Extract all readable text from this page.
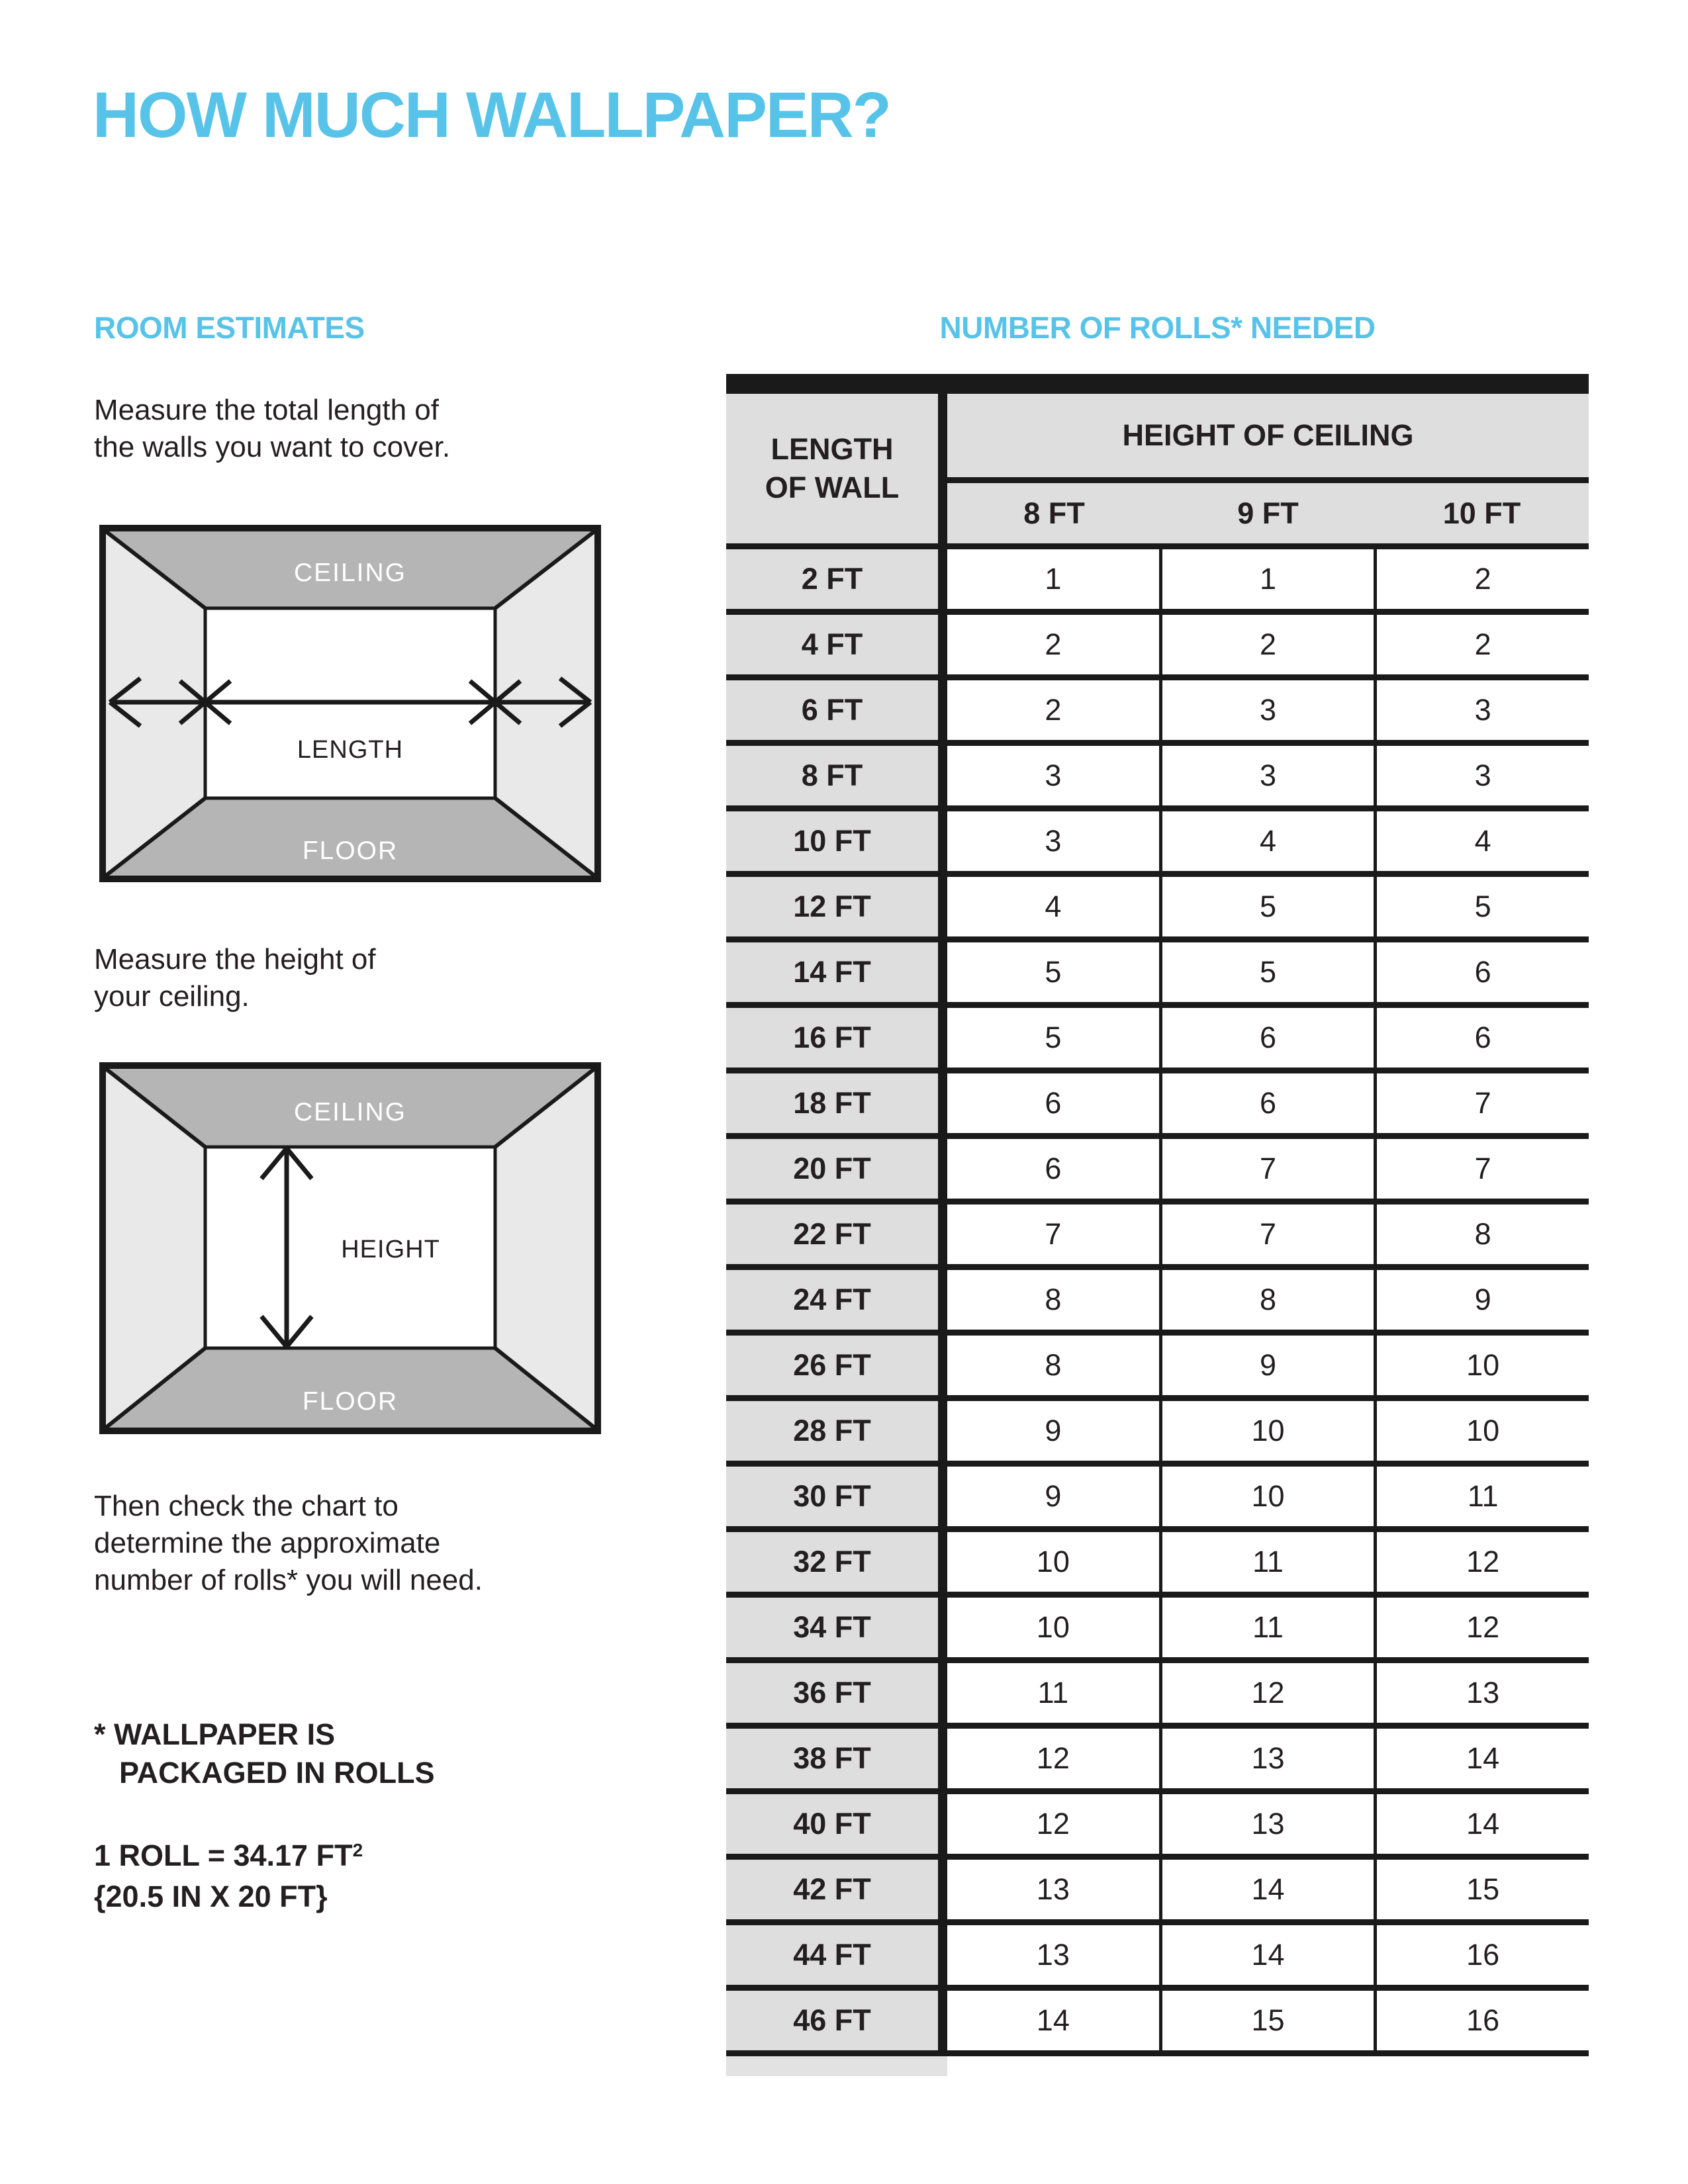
HOW MUCH WALLPAPER?
ROOM ESTIMATES
Measure the total length of
the walls you want to cover.
CEILING
FLOOR
LENGTH
Measure the height of
your ceiling.
CEILING
FLOOR
HEIGHT
Then check the chart to
determine the approximate
number of rolls* you will need.
* WALLPAPER IS
PACKAGED IN ROLLS
1 ROLL = 34.17 $FT^2$
{20.5 IN X 20 FT}
NUMBER OF ROLLS* NEEDED
LENGTH
OF WALL
HEIGHT OF CEILING
8 FT	9 FT	10 FT
2 FT	1	1	2
4 FT	2	2	2
6 FT	2	3	3
8 FT	3	3	3
10 FT	3	4	4
12 FT	4	5	5
14 FT	5	5	6
16 FT	5	6	6
18 FT	6	6	7
20 FT	6	7	7
22 FT	7	7	8
24 FT	8	8	9
26 FT	8	9	10
28 FT	9	10	10
30 FT	9	10	11
32 FT	10	11	12
34 FT	10	11	12
36 FT	11	12	13
38 FT	12	13	14
40 FT	12	13	14
42 FT	13	14	15
44 FT	13	14	16
46 FT	14	15	16
